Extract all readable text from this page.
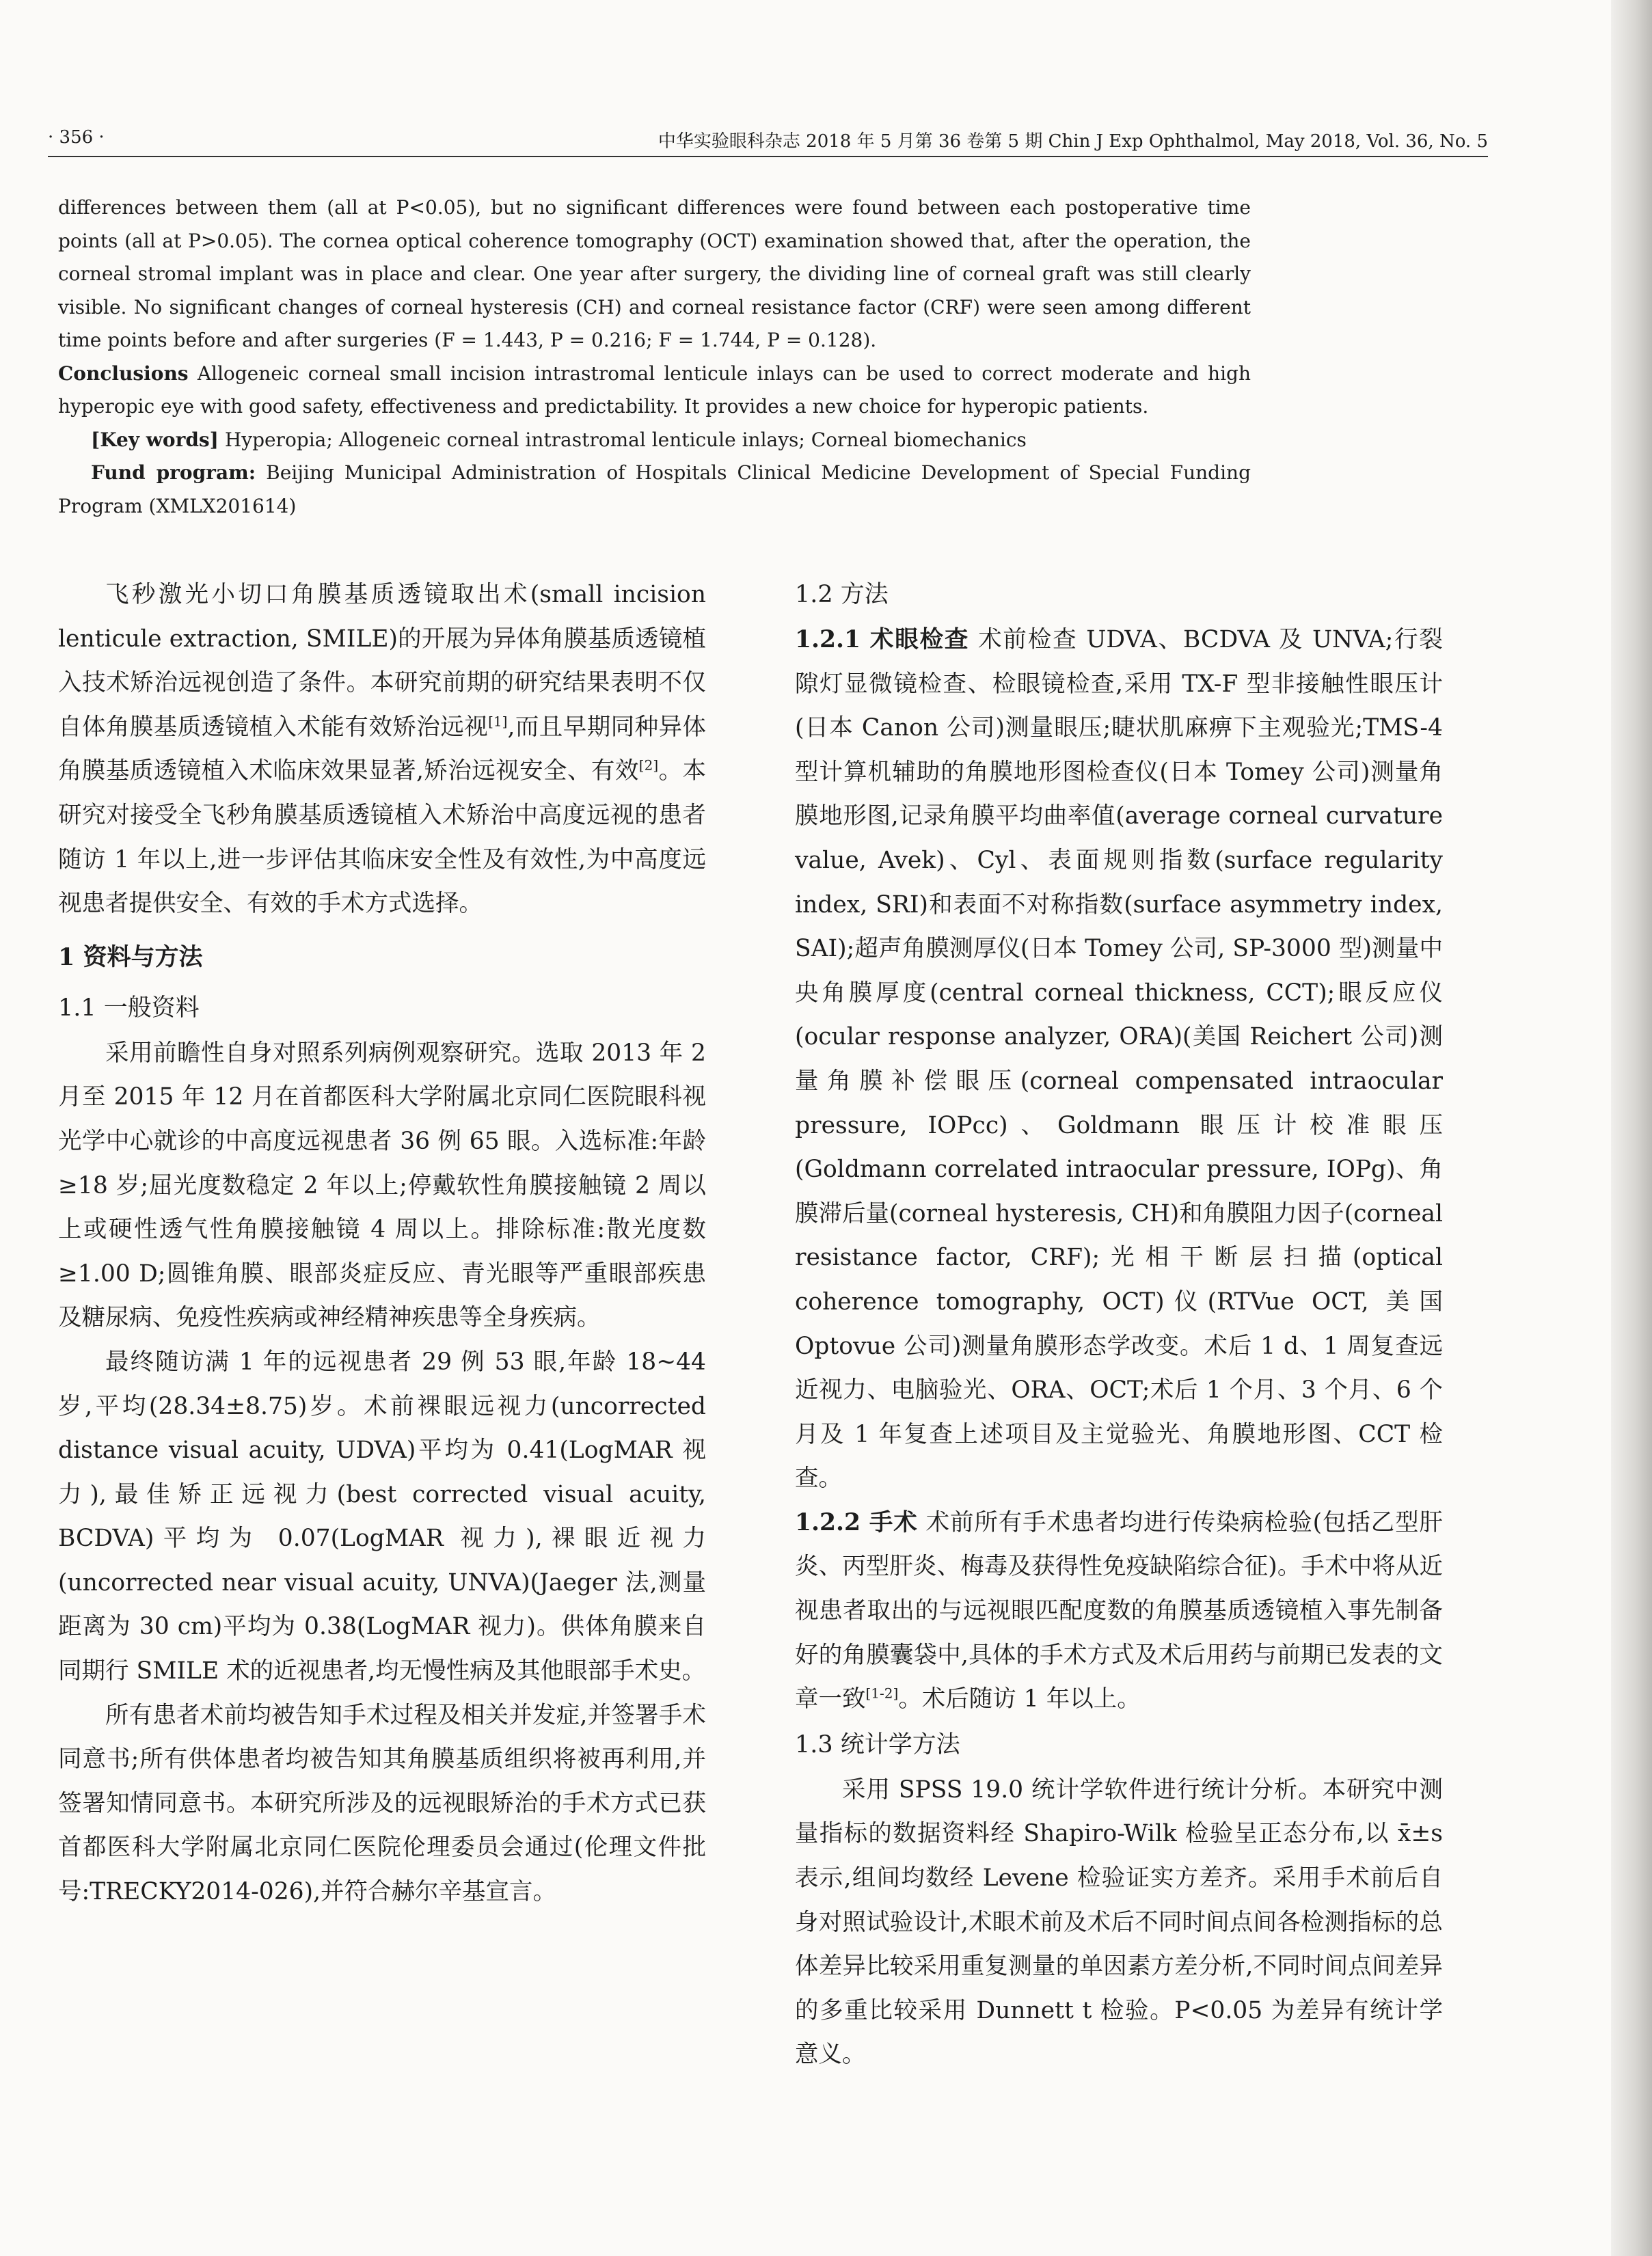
· 356 ·	中华实验眼科杂志 2018 年 5 月第 36 卷第 5 期 Chin J Exp Ophthalmol, May 2018, Vol. 36, No. 5

differences between them (all at P<0.05), but no significant differences were found between each postoperative time points (all at P>0.05). The cornea optical coherence tomography (OCT) examination showed that, after the operation, the corneal stromal implant was in place and clear. One year after surgery, the dividing line of corneal graft was still clearly visible. No significant changes of corneal hysteresis (CH) and corneal resistance factor (CRF) were seen among different time points before and after surgeries (F = 1.443, P = 0.216; F = 1.744, P = 0.128).

Conclusions Allogeneic corneal small incision intrastromal lenticule inlays can be used to correct moderate and high hyperopic eye with good safety, effectiveness and predictability. It provides a new choice for hyperopic patients.

[Key words] Hyperopia; Allogeneic corneal intrastromal lenticule inlays; Corneal biomechanics

Fund program: Beijing Municipal Administration of Hospitals Clinical Medicine Development of Special Funding Program (XMLX201614)

飞秒激光小切口角膜基质透镜取出术(small incision lenticule extraction, SMILE)的开展为异体角膜基质透镜植入技术矫治远视创造了条件。本研究前期的研究结果表明不仅自体角膜基质透镜植入术能有效矫治远视[1],而且早期同种异体角膜基质透镜植入术临床效果显著,矫治远视安全、有效[2]。本研究对接受全飞秒角膜基质透镜植入术矫治中高度远视的患者随访 1 年以上,进一步评估其临床安全性及有效性,为中高度远视患者提供安全、有效的手术方式选择。

1 资料与方法
1.1 一般资料

采用前瞻性自身对照系列病例观察研究。选取 2013 年 2 月至 2015 年 12 月在首都医科大学附属北京同仁医院眼科视光学中心就诊的中高度远视患者 36 例 65 眼。入选标准:年龄≥18 岁;屈光度数稳定 2 年以上;停戴软性角膜接触镜 2 周以上或硬性透气性角膜接触镜 4 周以上。排除标准:散光度数≥1.00 D;圆锥角膜、眼部炎症反应、青光眼等严重眼部疾患及糖尿病、免疫性疾病或神经精神疾患等全身疾病。

最终随访满 1 年的远视患者 29 例 53 眼,年龄 18~44 岁,平均(28.34±8.75)岁。术前裸眼远视力(uncorrected distance visual acuity, UDVA)平均为 0.41(LogMAR 视力),最佳矫正远视力(best corrected visual acuity, BCDVA)平均为 0.07(LogMAR 视力),裸眼近视力(uncorrected near visual acuity, UNVA)(Jaeger 法,测量距离为 30 cm)平均为 0.38(LogMAR 视力)。供体角膜来自同期行 SMILE 术的近视患者,均无慢性病及其他眼部手术史。

所有患者术前均被告知手术过程及相关并发症,并签署手术同意书;所有供体患者均被告知其角膜基质组织将被再利用,并签署知情同意书。本研究所涉及的远视眼矫治的手术方式已获首都医科大学附属北京同仁医院伦理委员会通过(伦理文件批号:TRECKY2014-026),并符合赫尔辛基宣言。

1.2 方法

1.2.1 术眼检查 术前检查 UDVA、BCDVA 及 UNVA;行裂隙灯显微镜检查、检眼镜检查,采用 TX-F 型非接触性眼压计(日本 Canon 公司)测量眼压;睫状肌麻痹下主观验光;TMS-4 型计算机辅助的角膜地形图检查仪(日本 Tomey 公司)测量角膜地形图,记录角膜平均曲率值(average corneal curvature value, Avek)、Cyl、表面规则指数(surface regularity index, SRI)和表面不对称指数(surface asymmetry index, SAI);超声角膜测厚仪(日本 Tomey 公司, SP-3000 型)测量中央角膜厚度(central corneal thickness, CCT);眼反应仪(ocular response analyzer, ORA)(美国 Reichert 公司)测量角膜补偿眼压(corneal compensated intraocular pressure, IOPcc)、Goldmann 眼压计校准眼压(Goldmann correlated intraocular pressure, IOPg)、角膜滞后量(corneal hysteresis, CH)和角膜阻力因子(corneal resistance factor, CRF);光相干断层扫描(optical coherence tomography, OCT)仪(RTVue OCT, 美国 Optovue 公司)测量角膜形态学改变。术后 1 d、1 周复查远近视力、电脑验光、ORA、OCT;术后 1 个月、3 个月、6 个月及 1 年复查上述项目及主觉验光、角膜地形图、CCT 检查。

1.2.2 手术 术前所有手术患者均进行传染病检验(包括乙型肝炎、丙型肝炎、梅毒及获得性免疫缺陷综合征)。手术中将从近视患者取出的与远视眼匹配度数的角膜基质透镜植入事先制备好的角膜囊袋中,具体的手术方式及术后用药与前期已发表的文章一致[1-2]。术后随访 1 年以上。

1.3 统计学方法

采用 SPSS 19.0 统计学软件进行统计分析。本研究中测量指标的数据资料经 Shapiro-Wilk 检验呈正态分布,以 x̄±s 表示,组间均数经 Levene 检验证实方差齐。采用手术前后自身对照试验设计,术眼术前及术后不同时间点间各检测指标的总体差异比较采用重复测量的单因素方差分析,不同时间点间差异的多重比较采用 Dunnett t 检验。P<0.05 为差异有统计学意义。
